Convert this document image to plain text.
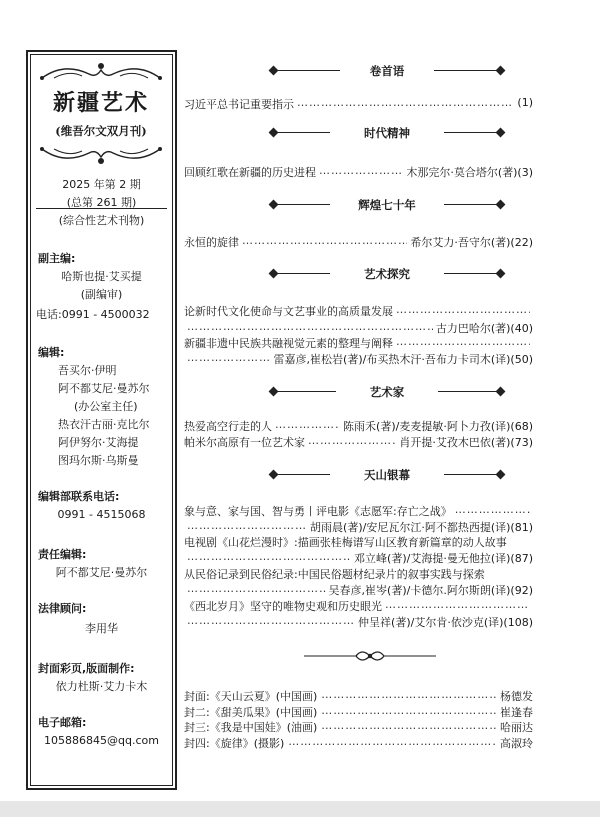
新疆艺术
( 维吾尔文双月刊 )
2025 年第 2 期
(总第 261 期)
(综合性艺术刊物)
副主编:
哈斯也提·艾买提
(副编审)
电话:0991 - 4500032
编辑:
吾买尔·伊明
阿不都艾尼·曼苏尔
(办公室主任)
热衣汗古丽·克比尔
阿伊努尔·艾海提
图玛尔斯·乌斯曼
编辑部联系电话:
0991 - 4515068
责任编辑:
阿不都艾尼·曼苏尔
法律顾问:
李用华
封面彩页,版面制作:
依力杜斯·艾力卡木
电子邮箱:
105886845@qq.com
卷首语
习近平总书记重要指示 …………………………………………………………………………………………	(1)
时代精神
回顾红歌在新疆的历史进程 …………………………………………………………………………………………	木那完尔·莫合塔尔(著)(3)
辉煌七十年
永恒的旋律 …………………………………………………………………………………………	希尔艾力·吾守尔(著)(22)
艺术探究
论新时代文化使命与文艺事业的高质量发展
…………………………………………………………………………………………
…………………………………………………………………………………………
古力巴哈尔(著)(40)
新疆非遗中民族共融视觉元素的整理与阐释
…………………………………………………………………………………………
…………………………………………………………………………………………
雷嘉彦,崔松岩(著)/布买热木汗·吾布力卡司木(译)(50)
艺术家
热爱高空行走的人 …………………………………………………………………………………………	陈雨禾(著)/麦麦提敏·阿卜力孜(译)(68)
帕米尔高原有一位艺术家 …………………………………………………………………………………………	肖开提·艾孜木巴依(著)(73)
天山银幕
象与意、家与国、智与勇丨评电影《志愿军:存亡之战》
…………………………………………………………………………………………
…………………………………………………………………………………………
胡雨晨(著)/安尼瓦尔江·阿不都热西提(译)(81)
电视剧《山花烂漫时》:描画张桂梅谱写山区教育新篇章的动人故事
…………………………………………………………………………………………
邓立峰(著)/艾海提·曼无他拉(译)(87)
从民俗记录到民俗纪录:中国民俗题材纪录片的叙事实践与探索
…………………………………………………………………………………………
吴春彦,崔岑(著)/卡德尔.阿尔斯朗(译)(92)
《西北岁月》坚守的唯物史观和历史眼光
…………………………………………………………………………………………
…………………………………………………………………………………………
仲呈祥(著)/艾尔肯·依沙克(译)(108)
封面:《天山云夏》(中国画) ……………………………………………………………………………………	杨德发
封二:《甜美瓜果》(中国画) ……………………………………………………………………………………	崔逢春
封三:《我是中国娃》(油画) ……………………………………………………………………………………	哈丽达
封四:《旋律》(摄影) ……………………………………………………………………………………	高淑玲
